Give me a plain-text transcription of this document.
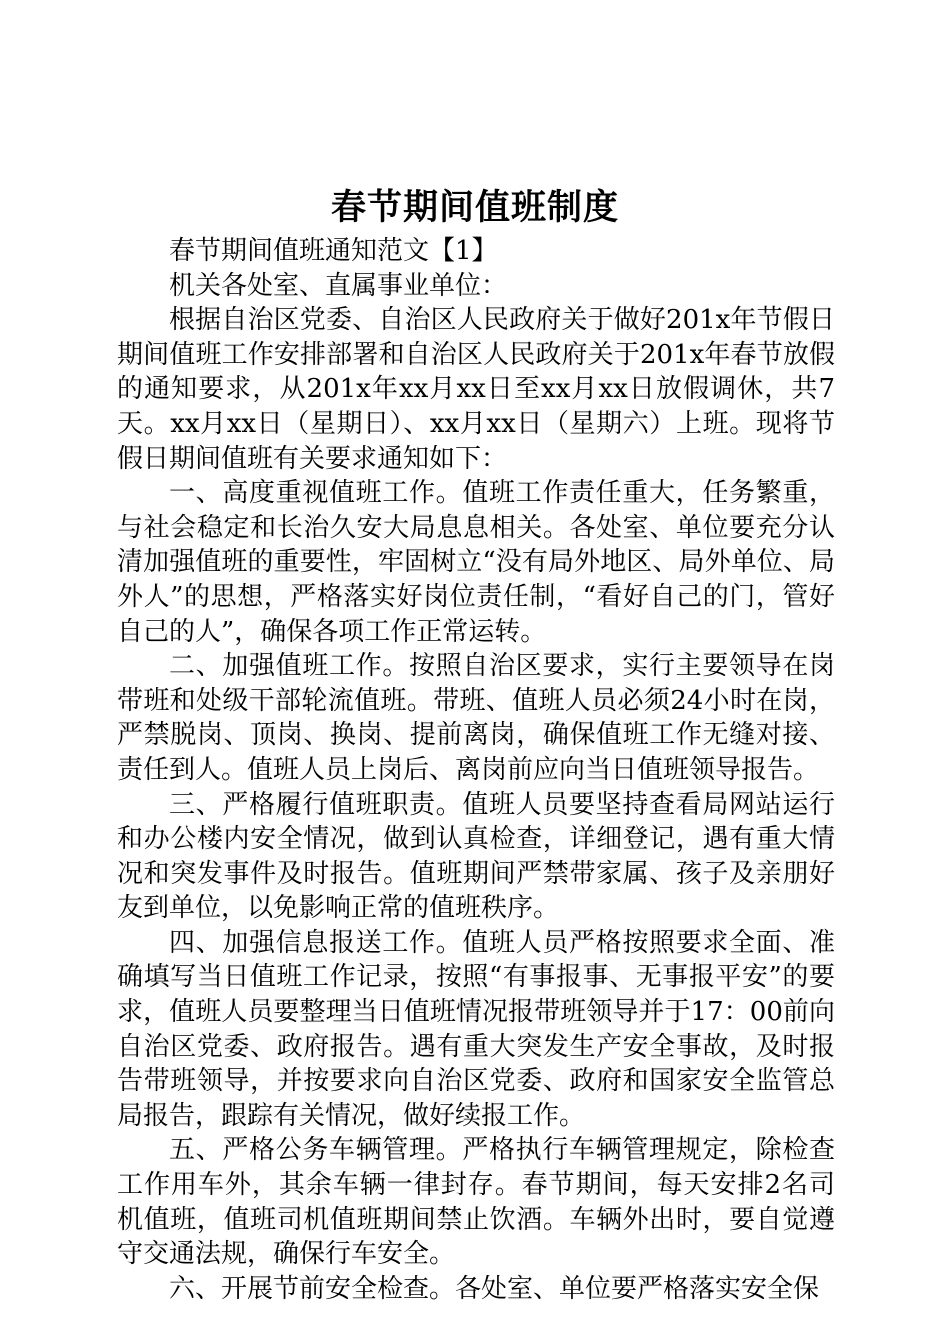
春节期间值班制度

春节期间值班通知范文【1】

机关各处室、直属事业单位：

根据自治区党委、自治区人民政府关于做好201x年节假日期间值班工作安排部署和自治区人民政府关于201x年春节放假的通知要求，从201x年xx月xx日至xx月xx日放假调休，共7天。xx月xx日（星期日）、xx月xx日（星期六）上班。现将节假日期间值班有关要求通知如下：

一、高度重视值班工作。值班工作责任重大，任务繁重，与社会稳定和长治久安大局息息相关。各处室、单位要充分认清加强值班的重要性，牢固树立“没有局外地区、局外单位、局外人”的思想，严格落实好岗位责任制，“看好自己的门，管好自己的人”，确保各项工作正常运转。

二、加强值班工作。按照自治区要求，实行主要领导在岗带班和处级干部轮流值班。带班、值班人员必须24小时在岗，严禁脱岗、顶岗、换岗、提前离岗，确保值班工作无缝对接、责任到人。值班人员上岗后、离岗前应向当日值班领导报告。

三、严格履行值班职责。值班人员要坚持查看局网站运行和办公楼内安全情况，做到认真检查，详细登记，遇有重大情况和突发事件及时报告。值班期间严禁带家属、孩子及亲朋好友到单位，以免影响正常的值班秩序。

四、加强信息报送工作。值班人员严格按照要求全面、准确填写当日值班工作记录，按照“有事报事、无事报平安”的要求，值班人员要整理当日值班情况报带班领导并于17：00前向自治区党委、政府报告。遇有重大突发生产安全事故，及时报告带班领导，并按要求向自治区党委、政府和国家安全监管总局报告，跟踪有关情况，做好续报工作。

五、严格公务车辆管理。严格执行车辆管理规定，除检查工作用车外，其余车辆一律封存。春节期间，每天安排2名司机值班，值班司机值班期间禁止饮酒。车辆外出时，要自觉遵守交通法规，确保行车安全。

六、开展节前安全检查。各处室、单位要严格落实安全保
